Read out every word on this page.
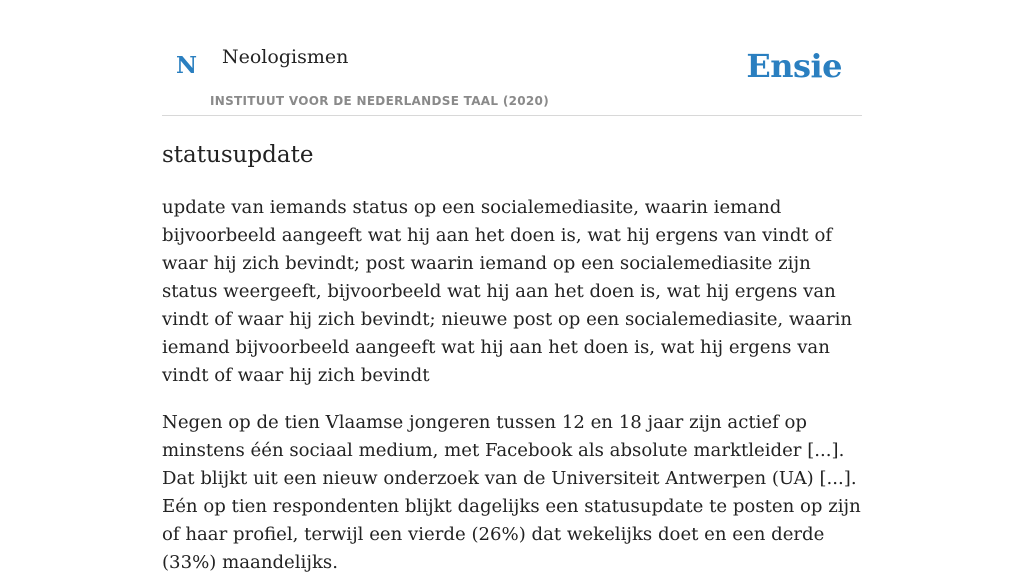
N Neologismen
INSTITUUT VOOR DE NEDERLANDSE TAAL (2020)
Ensie
statusupdate

update van iemands status op een socialemediasite, waarin iemand bijvoorbeeld aangeeft wat hij aan het doen is, wat hij ergens van vindt of waar hij zich bevindt; post waarin iemand op een socialemediasite zijn status weergeeft, bijvoorbeeld wat hij aan het doen is, wat hij ergens van vindt of waar hij zich bevindt; nieuwe post op een socialemediasite, waarin iemand bijvoorbeeld aangeeft wat hij aan het doen is, wat hij ergens van vindt of waar hij zich bevindt

Negen op de tien Vlaamse jongeren tussen 12 en 18 jaar zijn actief op minstens één sociaal medium, met Facebook als absolute marktleider [...]. Dat blijkt uit een nieuw onderzoek van de Universiteit Antwerpen (UA) [...]. Eén op tien respondenten blijkt dagelijks een statusupdate te posten op zijn of haar profiel, terwijl een vierde (26%) dat wekelijks doet en een derde (33%) maandelijks.
